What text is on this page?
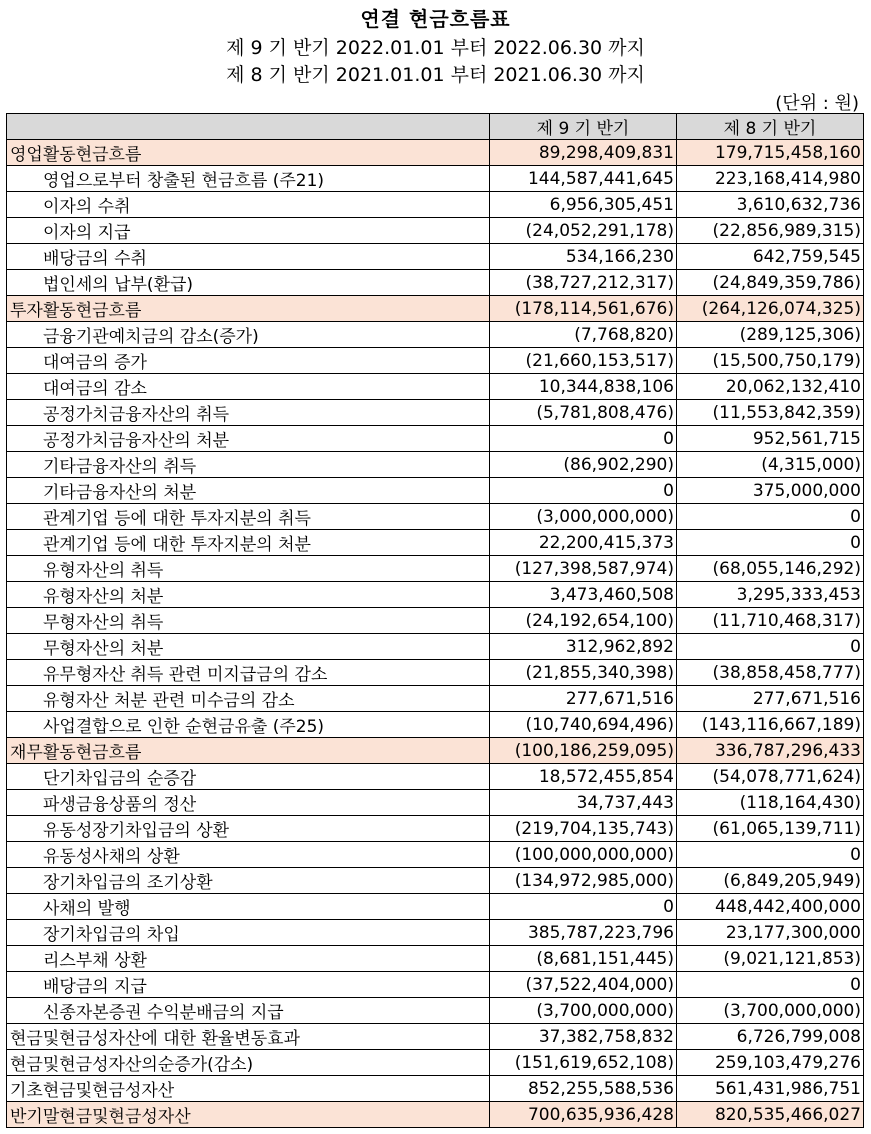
연결 현금흐름표
제 9 기 반기 2022.01.01 부터 2022.06.30 까지
제 8 기 반기 2021.01.01 부터 2021.06.30 까지
(단위 : 원)
	제 9 기 반기	제 8 기 반기
영업활동현금흐름	89,298,409,831	179,715,458,160
영업으로부터 창출된 현금흐름 (주21)	144,587,441,645	223,168,414,980
이자의 수취	6,956,305,451	3,610,632,736
이자의 지급	(24,052,291,178)	(22,856,989,315)
배당금의 수취	534,166,230	642,759,545
법인세의 납부(환급)	(38,727,212,317)	(24,849,359,786)
투자활동현금흐름	(178,114,561,676)	(264,126,074,325)
금융기관예치금의 감소(증가)	(7,768,820)	(289,125,306)
대여금의 증가	(21,660,153,517)	(15,500,750,179)
대여금의 감소	10,344,838,106	20,062,132,410
공정가치금융자산의 취득	(5,781,808,476)	(11,553,842,359)
공정가치금융자산의 처분	0	952,561,715
기타금융자산의 취득	(86,902,290)	(4,315,000)
기타금융자산의 처분	0	375,000,000
관계기업 등에 대한 투자지분의 취득	(3,000,000,000)	0
관계기업 등에 대한 투자지분의 처분	22,200,415,373	0
유형자산의 취득	(127,398,587,974)	(68,055,146,292)
유형자산의 처분	3,473,460,508	3,295,333,453
무형자산의 취득	(24,192,654,100)	(11,710,468,317)
무형자산의 처분	312,962,892	0
유무형자산 취득 관련 미지급금의 감소	(21,855,340,398)	(38,858,458,777)
유형자산 처분 관련 미수금의 감소	277,671,516	277,671,516
사업결합으로 인한 순현금유출 (주25)	(10,740,694,496)	(143,116,667,189)
재무활동현금흐름	(100,186,259,095)	336,787,296,433
단기차입금의 순증감	18,572,455,854	(54,078,771,624)
파생금융상품의 정산	34,737,443	(118,164,430)
유동성장기차입금의 상환	(219,704,135,743)	(61,065,139,711)
유동성사채의 상환	(100,000,000,000)	0
장기차입금의 조기상환	(134,972,985,000)	(6,849,205,949)
사채의 발행	0	448,442,400,000
장기차입금의 차입	385,787,223,796	23,177,300,000
리스부채 상환	(8,681,151,445)	(9,021,121,853)
배당금의 지급	(37,522,404,000)	0
신종자본증권 수익분배금의 지급	(3,700,000,000)	(3,700,000,000)
현금및현금성자산에 대한 환율변동효과	37,382,758,832	6,726,799,008
현금및현금성자산의순증가(감소)	(151,619,652,108)	259,103,479,276
기초현금및현금성자산	852,255,588,536	561,431,986,751
반기말현금및현금성자산	700,635,936,428	820,535,466,027
